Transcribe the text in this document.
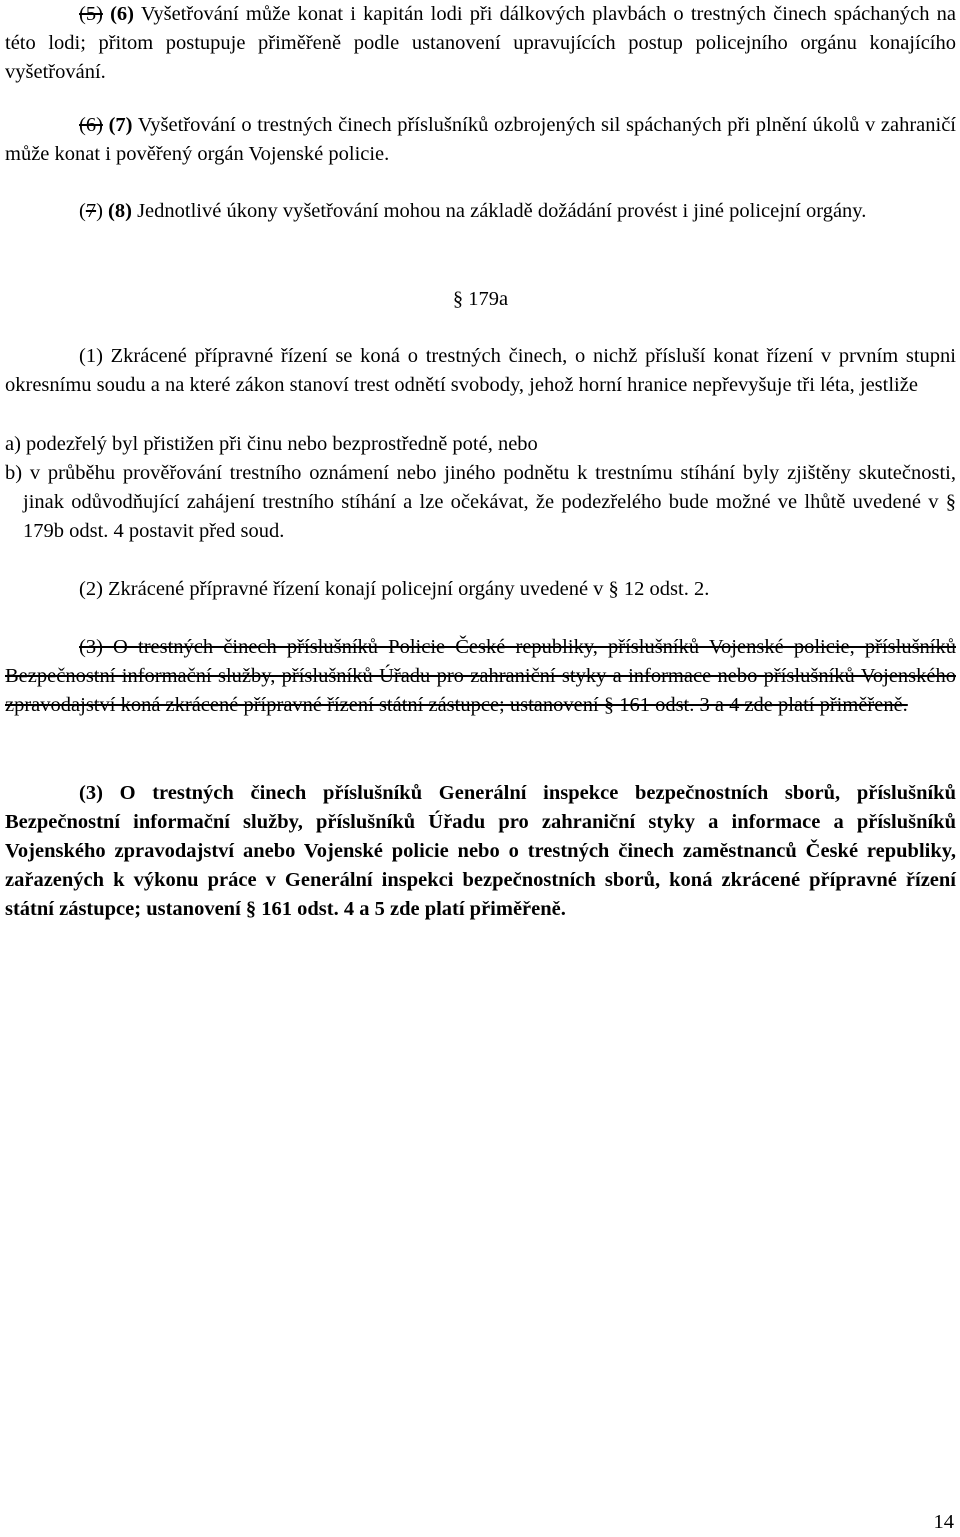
(5) (6) Vyšetřování může konat i kapitán lodi při dálkových plavbách o trestných činech spáchaných na této lodi; přitom postupuje přiměřeně podle ustanovení upravujících postup policejního orgánu konajícího vyšetřování.

(6) (7) Vyšetřování o trestných činech příslušníků ozbrojených sil spáchaných při plnění úkolů v zahraničí může konat i pověřený orgán Vojenské policie.

(7) (8) Jednotlivé úkony vyšetřování mohou na základě dožádání provést i jiné policejní orgány.

§ 179a

(1) Zkrácené přípravné řízení se koná o trestných činech, o nichž přísluší konat řízení v prvním stupni okresnímu soudu a na které zákon stanoví trest odnětí svobody, jehož horní hranice nepřevyšuje tři léta, jestliže

a) podezřelý byl přistižen při činu nebo bezprostředně poté, nebo

b) v průběhu prověřování trestního oznámení nebo jiného podnětu k trestnímu stíhání byly zjištěny skutečnosti, jinak odůvodňující zahájení trestního stíhání a lze očekávat, že podezřelého bude možné ve lhůtě uvedené v § 179b odst. 4 postavit před soud.

(2) Zkrácené přípravné řízení konají policejní orgány uvedené v § 12 odst. 2.

(3) O trestných činech příslušníků Policie České republiky, příslušníků Vojenské policie, příslušníků Bezpečnostní informační služby, příslušníků Úřadu pro zahraniční styky a informace nebo příslušníků Vojenského zpravodajství koná zkrácené přípravné řízení státní zástupce; ustanovení § 161 odst. 3 a 4 zde platí přiměřeně.

(3) O trestných činech příslušníků Generální inspekce bezpečnostních sborů, příslušníků Bezpečnostní informační služby, příslušníků Úřadu pro zahraniční styky a informace a příslušníků Vojenského zpravodajství anebo Vojenské policie nebo o trestných činech zaměstnanců České republiky, zařazených k výkonu práce v Generální inspekci bezpečnostních sborů, koná zkrácené přípravné řízení státní zástupce; ustanovení § 161 odst. 4 a 5 zde platí přiměřeně.

14
